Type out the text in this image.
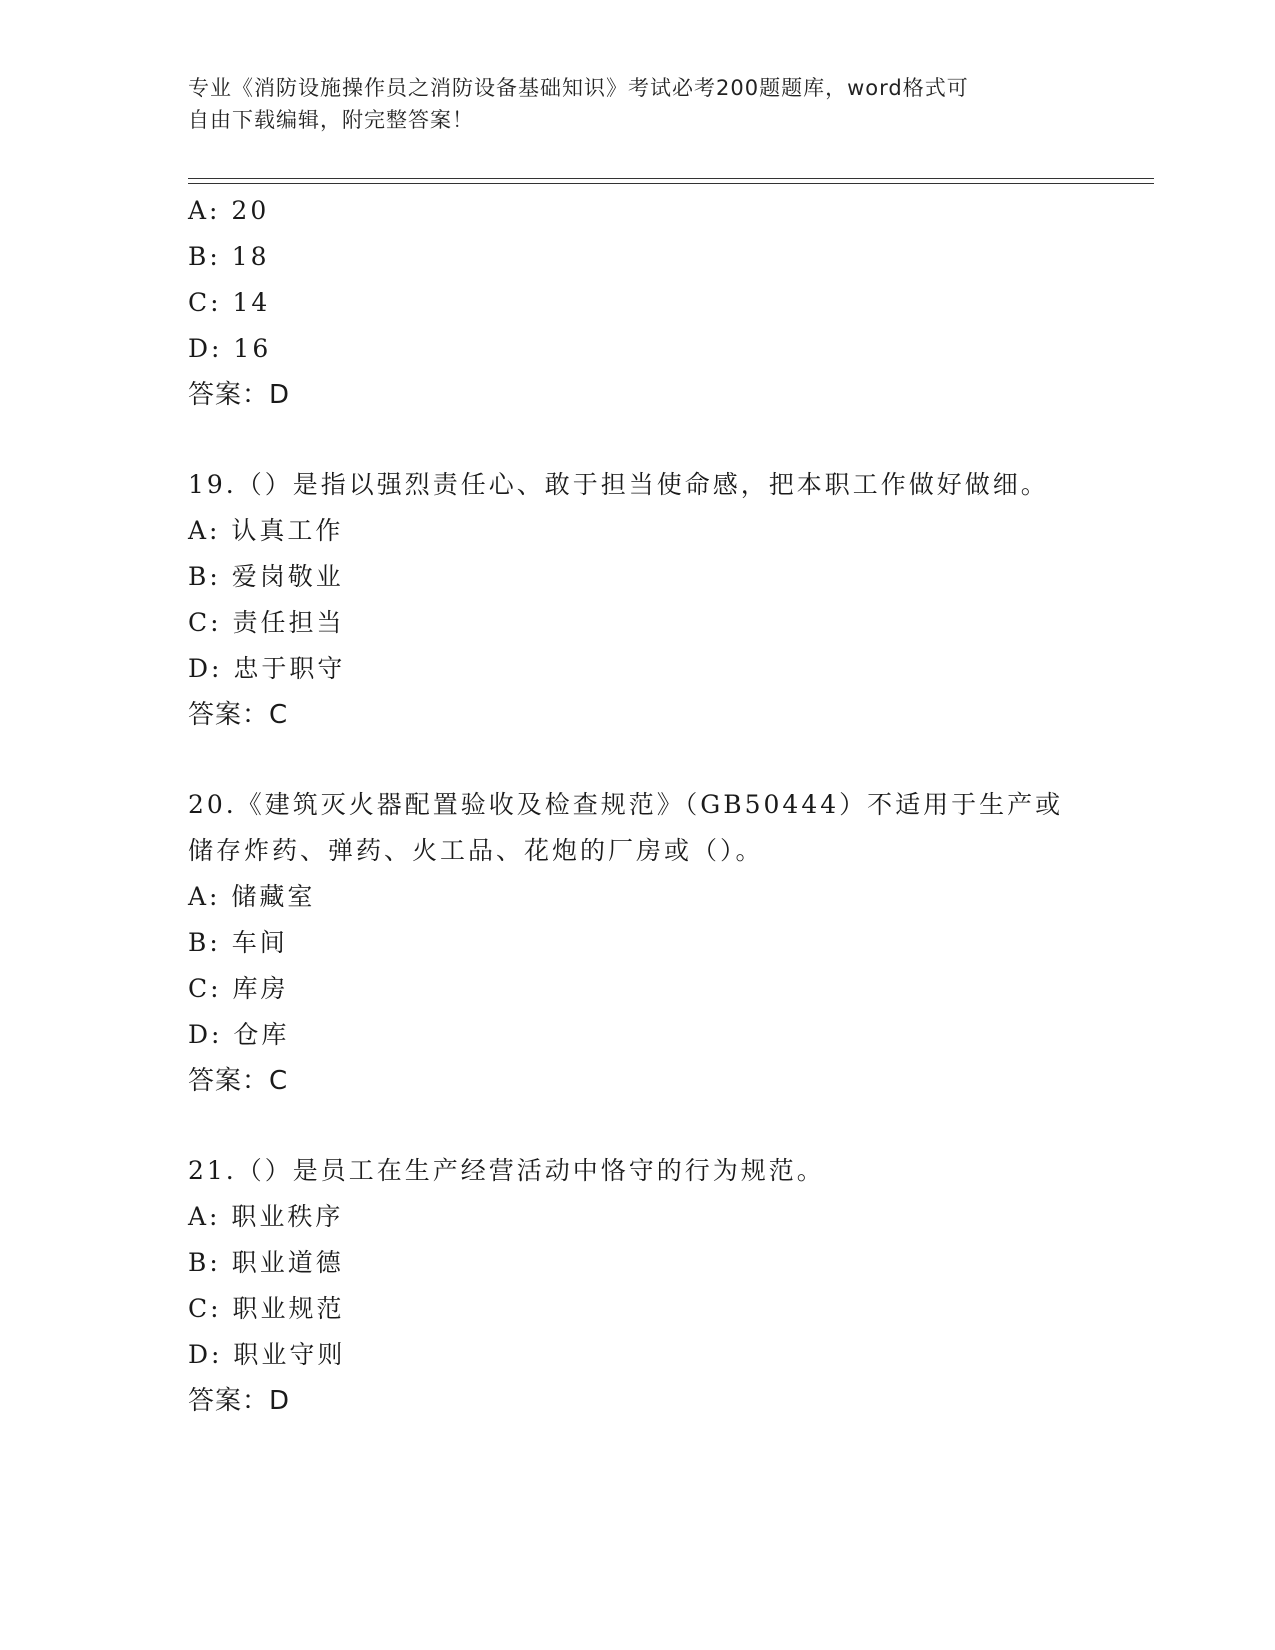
专业《消防设施操作员之消防设备基础知识》考试必考200题题库，word格式可
自由下载编辑，附完整答案！
A: 20
B: 18
C: 14
D: 16
答案：D
19.（）是指以强烈责任心、敢于担当使命感，把本职工作做好做细。
A: 认真工作
B: 爱岗敬业
C: 责任担当
D: 忠于职守
答案：C
20.《建筑灭火器配置验收及检查规范》（GB50444）不适用于生产或
储存炸药、弹药、火工品、花炮的厂房或（）。
A: 储藏室
B: 车间
C: 库房
D: 仓库
答案：C
21.（）是员工在生产经营活动中恪守的行为规范。
A: 职业秩序
B: 职业道德
C: 职业规范
D: 职业守则
答案：D
